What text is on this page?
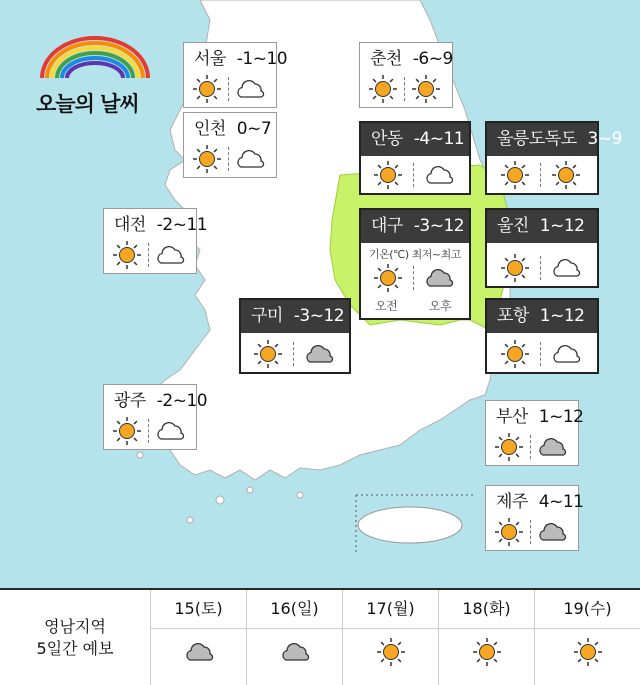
오늘의 날씨
서울 -1~10	춘천 -6~9
인천 0~7	안동 -4~11	울릉도독도 3~9
대전 -2~11	대구 -3~12
기온(℃) 최저~최고
오전	오후
울진 1~12
구미 -3~12	포항 1~12
광주 -2~10
부산 1~12
제주 4~11
영남지역
5일간 예보
15(토)	16(일)	17(월)	18(화)	19(수)
